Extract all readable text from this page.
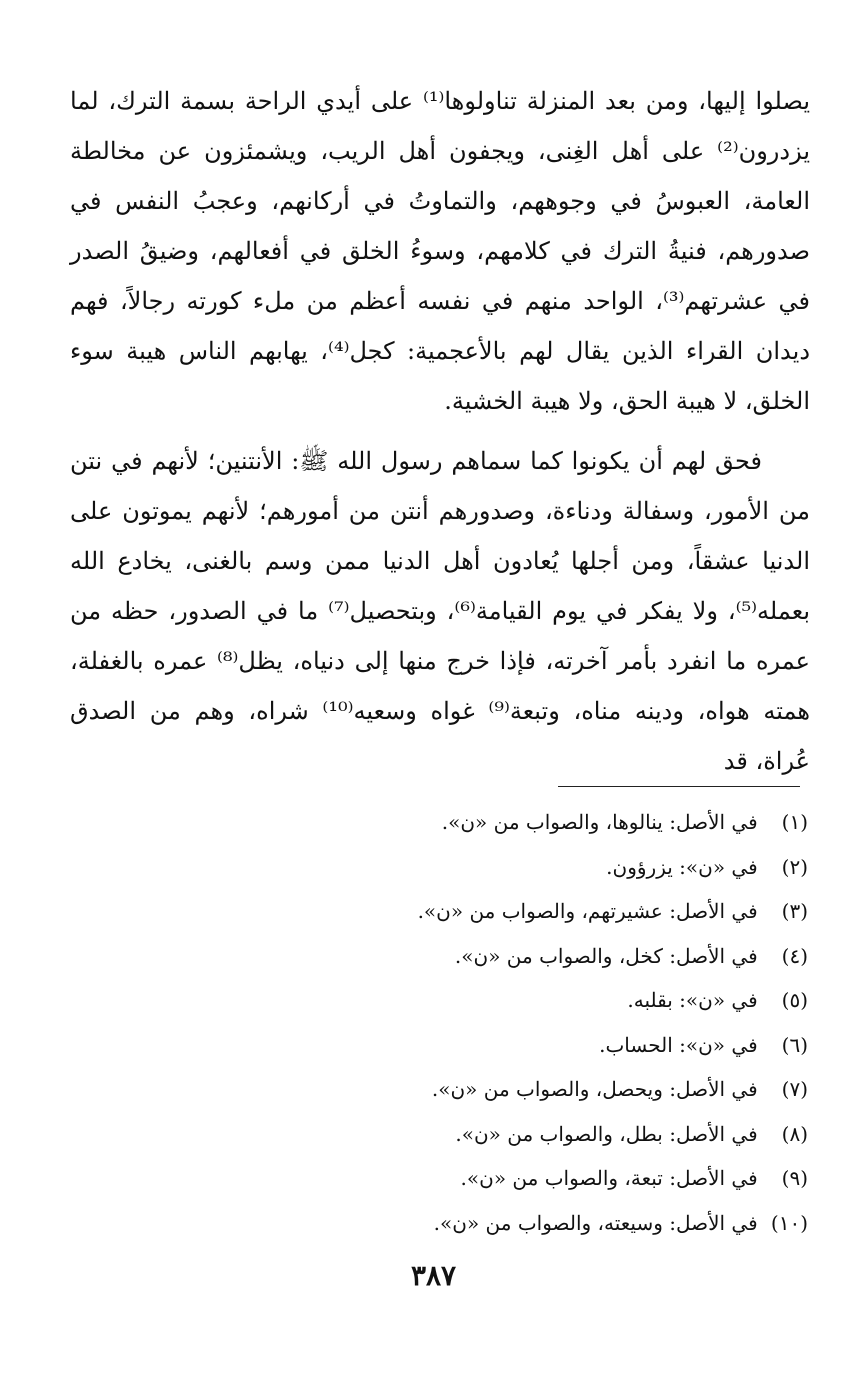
يصلوا إليها، ومن بعد المنزلة تناولوها⁽¹⁾ على أيدي الراحة بسمة الترك، لما يزدرون⁽²⁾ على أهل الغِنى، ويجفون أهل الريب، ويشمئزون عن مخالطة العامة، العبوسُ في وجوههم، والتماوتُ في أركانهم، وعجبُ النفس في صدورهم، فنيةُ الترك في كلامهم، وسوءُ الخلق في أفعالهم، وضيقُ الصدر في عشرتهم⁽³⁾، الواحد منهم في نفسه أعظم من ملء كورته رجالاً، فهم ديدان القراء الذين يقال لهم بالأعجمية: كجل⁽⁴⁾، يهابهم الناس هيبة سوء الخلق، لا هيبة الحق، ولا هيبة الخشية.

فحق لهم أن يكونوا كما سماهم رسول الله ﷺ: الأنتنين؛ لأنهم في نتن من الأمور، وسفالة ودناءة، وصدورهم أنتن من أمورهم؛ لأنهم يموتون على الدنيا عشقاً، ومن أجلها يُعادون أهل الدنيا ممن وسم بالغنى، يخادع الله بعمله⁽⁵⁾، ولا يفكر في يوم القيامة⁽⁶⁾، وبتحصيل⁽⁷⁾ ما في الصدور، حظه من عمره ما انفرد بأمر آخرته، فإذا خرج منها إلى دنياه، يظل⁽⁸⁾ عمره بالغفلة، همته هواه، ودينه مناه، وتبعة⁽⁹⁾ غواه وسعيه⁽¹⁰⁾ شراه، وهم من الصدق عُراة، قد

(١) في الأصل: ينالوها، والصواب من «ن».
(٢) في «ن»: يزرؤون.
(٣) في الأصل: عشيرتهم، والصواب من «ن».
(٤) في الأصل: كخل، والصواب من «ن».
(٥) في «ن»: بقلبه.
(٦) في «ن»: الحساب.
(٧) في الأصل: ويحصل، والصواب من «ن».
(٨) في الأصل: بطل، والصواب من «ن».
(٩) في الأصل: تبعة، والصواب من «ن».
(١٠) في الأصل: وسيعته، والصواب من «ن».
٣٨٧
